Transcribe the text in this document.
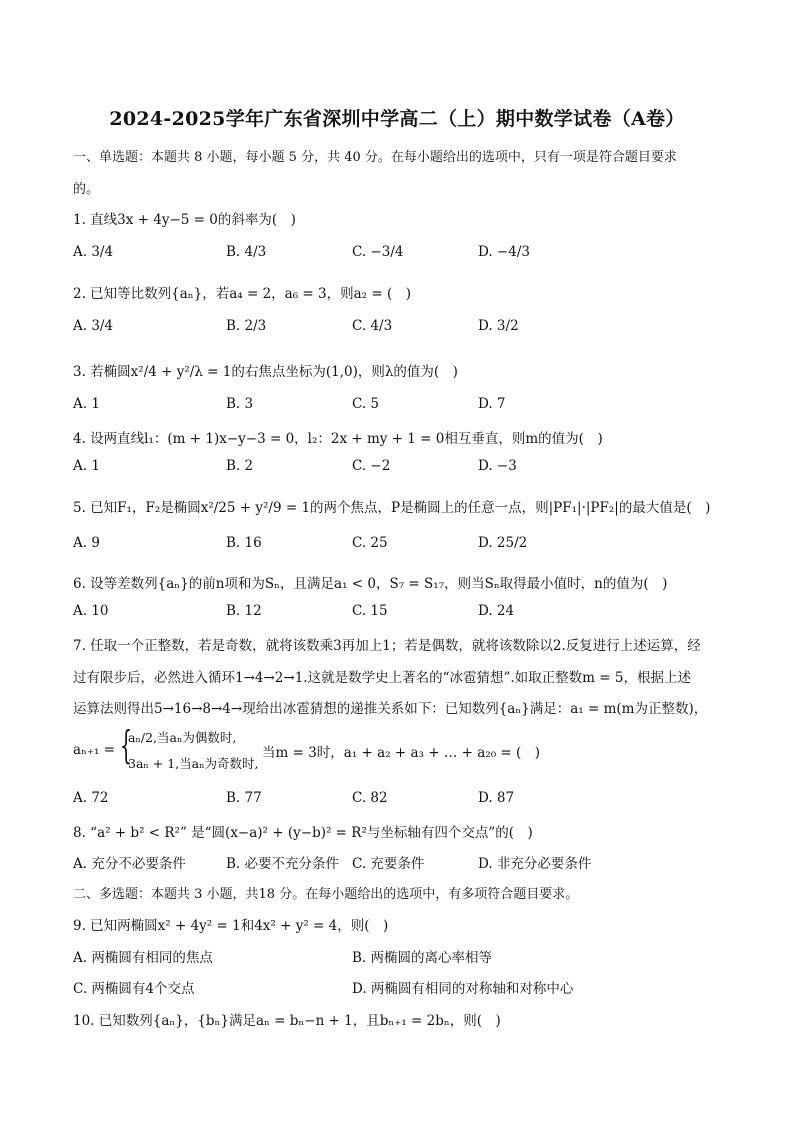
2024-2025学年广东省深圳中学高二（上）期中数学试卷（A卷）
一、单选题：本题共 8 小题，每小题 5 分，共 40 分。在每小题给出的选项中，只有一项是符合题目要求
的。
1. 直线3x + 4y−5 = 0的斜率为(　)
A. 3/4	B. 4/3	C. −3/4	D. −4/3
2. 已知等比数列{aₙ}，若a₄ = 2，a₆ = 3，则a₂ = (　)
A. 3/4	B. 2/3	C. 4/3	D. 3/2
3. 若椭圆x²/4 + y²/λ = 1的右焦点坐标为(1,0)，则λ的值为(　)
A. 1	B. 3	C. 5	D. 7
4. 设两直线l₁：(m + 1)x−y−3 = 0，l₂：2x + my + 1 = 0相互垂直，则m的值为(　)
A. 1	B. 2	C. −2	D. −3
5. 已知F₁，F₂是椭圆x²/25 + y²/9 = 1的两个焦点，P是椭圆上的任意一点，则|PF₁|·|PF₂|的最大值是(　)
A. 9	B. 16	C. 25	D. 25/2
6. 设等差数列{aₙ}的前n项和为Sₙ，且满足a₁ < 0，S₇ = S₁₇，则当Sₙ取得最小值时，n的值为(　)
A. 10	B. 12	C. 15	D. 24
7. 任取一个正整数，若是奇数，就将该数乘3再加上1；若是偶数，就将该数除以2.反复进行上述运算，经
过有限步后，必然进入循环1→4→2→1.这就是数学史上著名的“冰雹猜想”.如取正整数m = 5，根据上述
运算法则得出5→16→8→4→现给出冰雹猜想的递推关系如下：已知数列{aₙ}满足：a₁ = m(m为正整数)，
aₙ₊₁ = {
aₙ/2,当aₙ为偶数时,
3aₙ + 1,当aₙ为奇数时,
当m = 3时，a₁ + a₂ + a₃ + … + a₂₀ = (　)
A. 72	B. 77	C. 82	D. 87
8. “a² + b² < R²” 是“圆(x−a)² + (y−b)² = R²与坐标轴有四个交点”的(　)
A. 充分不必要条件	B. 必要不充分条件 C. 充要条件	D. 非充分必要条件
二、多选题：本题共 3 小题，共18 分。在每小题给出的选项中，有多项符合题目要求。
9. 已知两椭圆x² + 4y² = 1和4x² + y² = 4，则(　)
A. 两椭圆有相同的焦点	B. 两椭圆的离心率相等
C. 两椭圆有4个交点	D. 两椭圆有相同的对称轴和对称中心
10. 已知数列{aₙ}，{bₙ}满足aₙ = bₙ−n + 1，且bₙ₊₁ = 2bₙ，则(　)
